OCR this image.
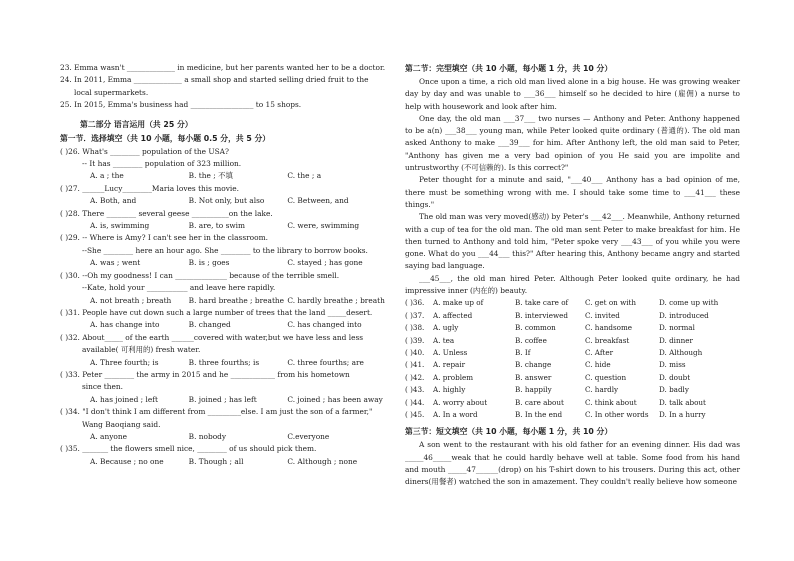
23. Emma wasn't _____________ in medicine, but her parents wanted her to be a doctor.
24. In 2011, Emma _____________ a small shop and started selling dried fruit to the
local supermarkets.
25. In 2015, Emma's business had _________________ to 15 shops.
第二部分 语言运用（共 25 分）
第一节．选择填空（共 10 小题，每小题 0.5 分，共 5 分）
( )26. What's ________ population of the USA?
-- It has ________ population of 323 million.
A. a ; the	B. the ; 不填	C. the ; a
( )27. ______Lucy________Maria loves this movie.
A. Both, and	B. Not only, but also	C. Between, and
( )28. There ________ several geese __________on the lake.
A. is, swimming	B. are, to swim	C. were, swimming
( )29. -- Where is Amy? I can't see her in the classroom.
--She ________ here an hour ago. She ________ to the library to borrow books.
A. was ; went	B. is ; goes	C. stayed ; has gone
( )30. --Oh my goodness! I can ______________ because of the terrible smell.
--Kate, hold your ___________ and leave here rapidly.
A. not breath ; breath	B. hard breathe ; breathe C. hardly breathe ; breath
( )31. People have cut down such a large number of trees that the land _____desert.
A. has change into	B. changed	C. has changed into
( )32. About_____ of the earth ______covered with water,but we have less and less
available( 可利用的) fresh water.
A. Three fourth; is	B. three fourths; is	C. three fourths; are
( )33. Peter ________ the army in 2015 and he ____________ from his hometown
since then.
A. has joined ; left	B. joined ; has left	C. joined ; has been away
( )34. "I don't think I am different from _________else. I am just the son of a farmer,"
Wang Baoqiang said.
A. anyone	B. nobody	C.everyone
( )35. _______ the flowers smell nice, ________ of us should pick them.
A. Because ; no one	B. Though ; all	C. Although ; none
第二节：完型填空（共 10 小题，每小题 1 分，共 10 分）
Once upon a time, a rich old man lived alone in a big house. He was growing weaker day by day and was unable to ___36___ himself so he decided to hire (雇佣) a nurse to help with housework and look after him.
One day, the old man ___37___ two nurses — Anthony and Peter. Anthony happened to be a(n) ___38___ young man, while Peter looked quite ordinary (普通的). The old man asked Anthony to make ___39___ for him. After Anthony left, the old man said to Peter, "Anthony has given me a very bad opinion of you He said you are impolite and untrustworthy (不可信赖的). Is this correct?"
Peter thought for a minute and said, "___40___ Anthony has a bad opinion of me, there must be something wrong with me. I should take some time to ___41___ these things."
The old man was very moved(感动) by Peter's ___42___. Meanwhile, Anthony returned with a cup of tea for the old man. The old man sent Peter to make breakfast for him. He then turned to Anthony and told him, "Peter spoke very ___43___ of you while you were gone. What do you ___44___ this?" After hearing this, Anthony became angry and started saying bad language.
___45___, the old man hired Peter. Although Peter looked quite ordinary, he had impressive inner (内在的) beauty.
( )36.	A. make up of	B. take care of	C. get on with	D. come up with
( )37.	A. affected	B. interviewed	C. invited	D. introduced
( )38.	A. ugly	B. common	C. handsome	D. normal
( )39.	A. tea	B. coffee	C. breakfast	D. dinner
( )40.	A. Unless	B. If	C. After	D. Although
( )41.	A. repair	B. change	C. hide	D. miss
( )42.	A. problem	B. answer	C. question	D. doubt
( )43.	A. highly	B. happily	C. hardly	D. badly
( )44.	A. worry about	B. care about	C. think about	D. talk about
( )45.	A. In a word	B. In the end	C. In other words	D. In a hurry
第三节：短文填空（共 10 小题，每小题 1 分，共 10 分）
A son went to the restaurant with his old father for an evening dinner. His dad was _____46_____weak that he could hardly behave well at table. Some food from his hand and mouth _____47______(drop) on his T-shirt down to his trousers. During this act, other diners(用餐者) watched the son in amazement. They couldn't really believe how someone
